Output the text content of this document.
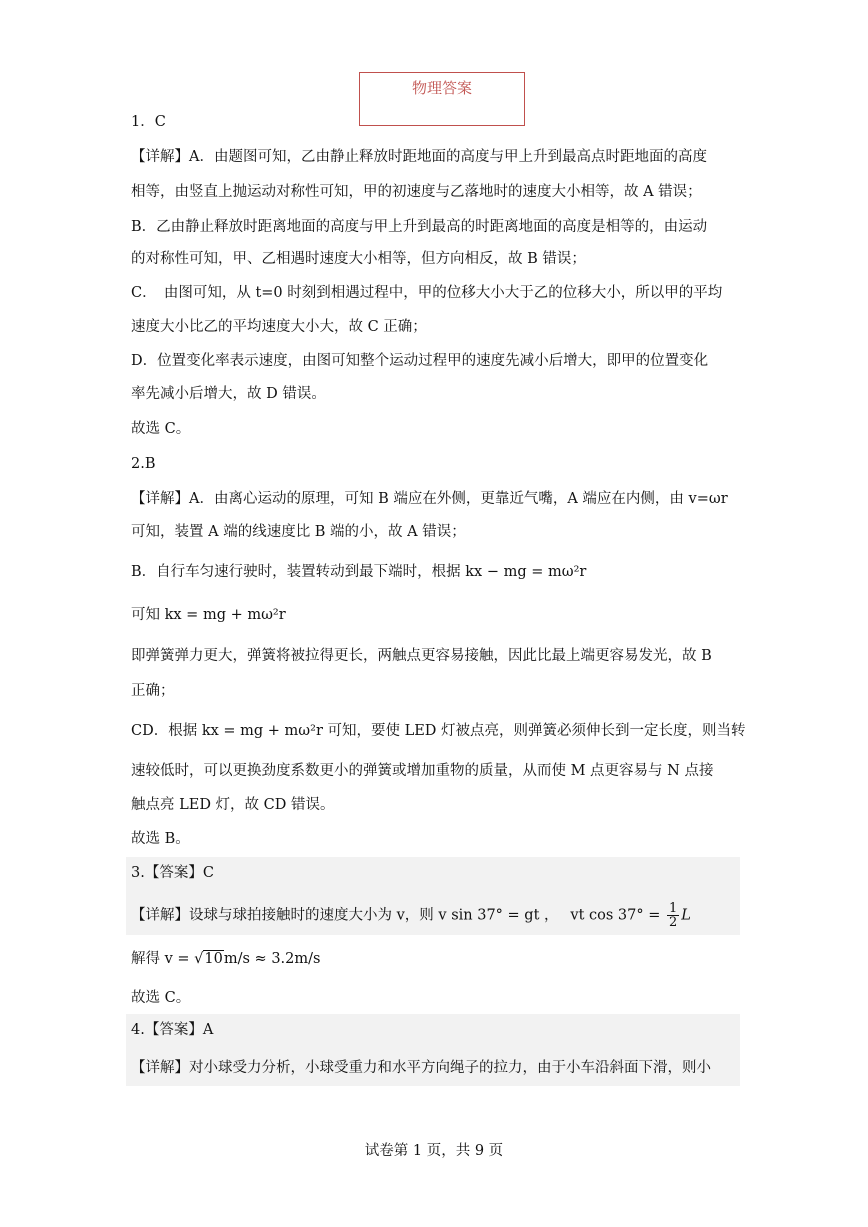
物理答案
1．C
【详解】A．由题图可知，乙由静止释放时距地面的高度与甲上升到最高点时距地面的高度
相等，由竖直上抛运动对称性可知，甲的初速度与乙落地时的速度大小相等，故 A 错误；
B．乙由静止释放时距离地面的高度与甲上升到最高的时距离地面的高度是相等的，由运动
的对称性可知，甲、乙相遇时速度大小相等，但方向相反，故 B 错误；
C．　由图可知，从 t=0 时刻到相遇过程中，甲的位移大小大于乙的位移大小，所以甲的平均
速度大小比乙的平均速度大小大，故 C 正确；
D．位置变化率表示速度，由图可知整个运动过程甲的速度先减小后增大，即甲的位置变化
率先减小后增大，故 D 错误。
故选 C。
2.B
【详解】A．由离心运动的原理，可知 B 端应在外侧，更靠近气嘴，A 端应在内侧，由 v=ωr
可知，装置 A 端的线速度比 B 端的小，故 A 错误；
B．自行车匀速行驶时，装置转动到最下端时，根据 kx − mg = mω²r
可知 kx = mg + mω²r
即弹簧弹力更大，弹簧将被拉得更长，两触点更容易接触，因此比最上端更容易发光，故 B
正确；
CD．根据 kx = mg + mω²r 可知，要使 LED 灯被点亮，则弹簧必须伸长到一定长度，则当转
速较低时，可以更换劲度系数更小的弹簧或增加重物的质量，从而使 M 点更容易与 N 点接
触点亮 LED 灯，故 CD 错误。
故选 B。
3.【答案】C
【详解】设球与球拍接触时的速度大小为 v，则 v sin 37° = gt ，　 vt $\cos 37^\circ = \frac{1}{2}$ L
解得 v = √10m/s ≈ 3.2m/s
故选 C。
4.【答案】A
【详解】对小球受力分析，小球受重力和水平方向绳子的拉力，由于小车沿斜面下滑，则小
试卷第 1 页，共 9 页
